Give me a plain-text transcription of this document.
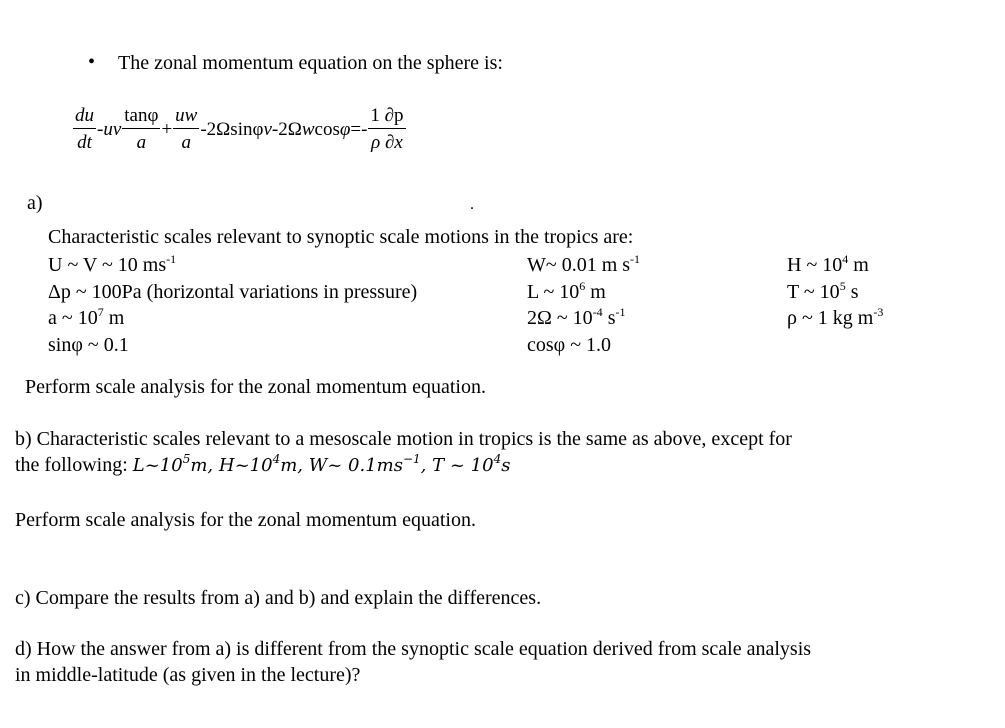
• The zonal momentum equation on the sphere is:
$\frac{du}{dt}$ - uv $\frac{\tan\varphi}{a} + \frac{uw}{a} -2\Omega\sin\varphi$ v -2Ω w $\cos \varphi =- \frac{1 \partial p}{\rho \partial x}$
a)	.
Characteristic scales relevant to synoptic scale motions in the tropics are:
U ~ V ~ 10 $ms^{-1}$	W~ 0.01 m $s^{-1}$	H ~ $10^4$ m
Δp ~ 100Pa (horizontal variations in pressure)	L ~ $10^6$ m	T ~ $10^5$ s
a ~ $10^7$ m	2Ω ~ $10^{-4}$ $s^{-1}$	ρ ~ 1 kg $m^{-3}$
sinφ ~ 0.1	cosφ ~ 1.0
Perform scale analysis for the zonal momentum equation.
b) Characteristic scales relevant to a mesoscale motion in tropics is the same as above, except for
the following: $L\sim 10^5m$, $H\sim 10^4m$, W~ $0.1ms^{-1}$, T ~ $10^4s$
Perform scale analysis for the zonal momentum equation.
c) Compare the results from a) and b) and explain the differences.
d) How the answer from a) is different from the synoptic scale equation derived from scale analysis
in middle-latitude (as given in the lecture)?
